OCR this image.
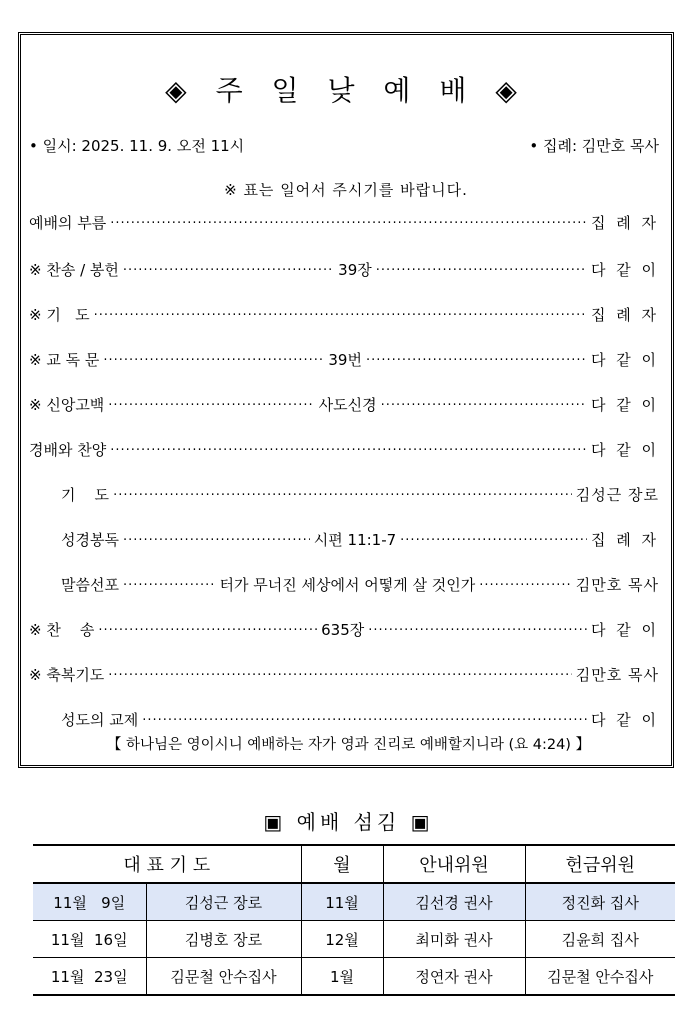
◈ 주 일 낮 예 배 ◈
• 일시: 2025. 11. 9. 오전 11시	• 집례: 김만호 목사
※ 표는 일어서 주시기를 바랍니다.
예배의 부름 .....	집 례 자
※ 찬송 / 봉헌 .....	39장 .....	다 같 이
※ 기   도 .....	집 례 자
※ 교 독 문 .....	39번 .....	다 같 이
※ 신앙고백 .....	사도신경 .....	다 같 이
경배와 찬양 .....	다 같 이
기    도 .....	김성근 장로
성경봉독 .....	시편 11:1-7 .....	집 례 자
말씀선포 .....	터가 무너진 세상에서 어떻게 살 것인가 .....	김만호 목사
※ 찬    송 .....	635장 .....	다 같 이
※ 축복기도 .....	김만호 목사
성도의 교제 .....	다 같 이
【 하나님은 영이시니 예배하는 자가 영과 진리로 예배할지니라 (요 4:24) 】
▣ 예배 섬김 ▣
대 표 기 도		월	안내위원	헌금위원
11월   9일	김성근 장로	11월	김선경 권사	정진화 집사
11월  16일	김병호 장로	12월	최미화 권사	김윤희 집사
11월  23일	김문철 안수집사	1월	정연자 권사	김문철 안수집사
